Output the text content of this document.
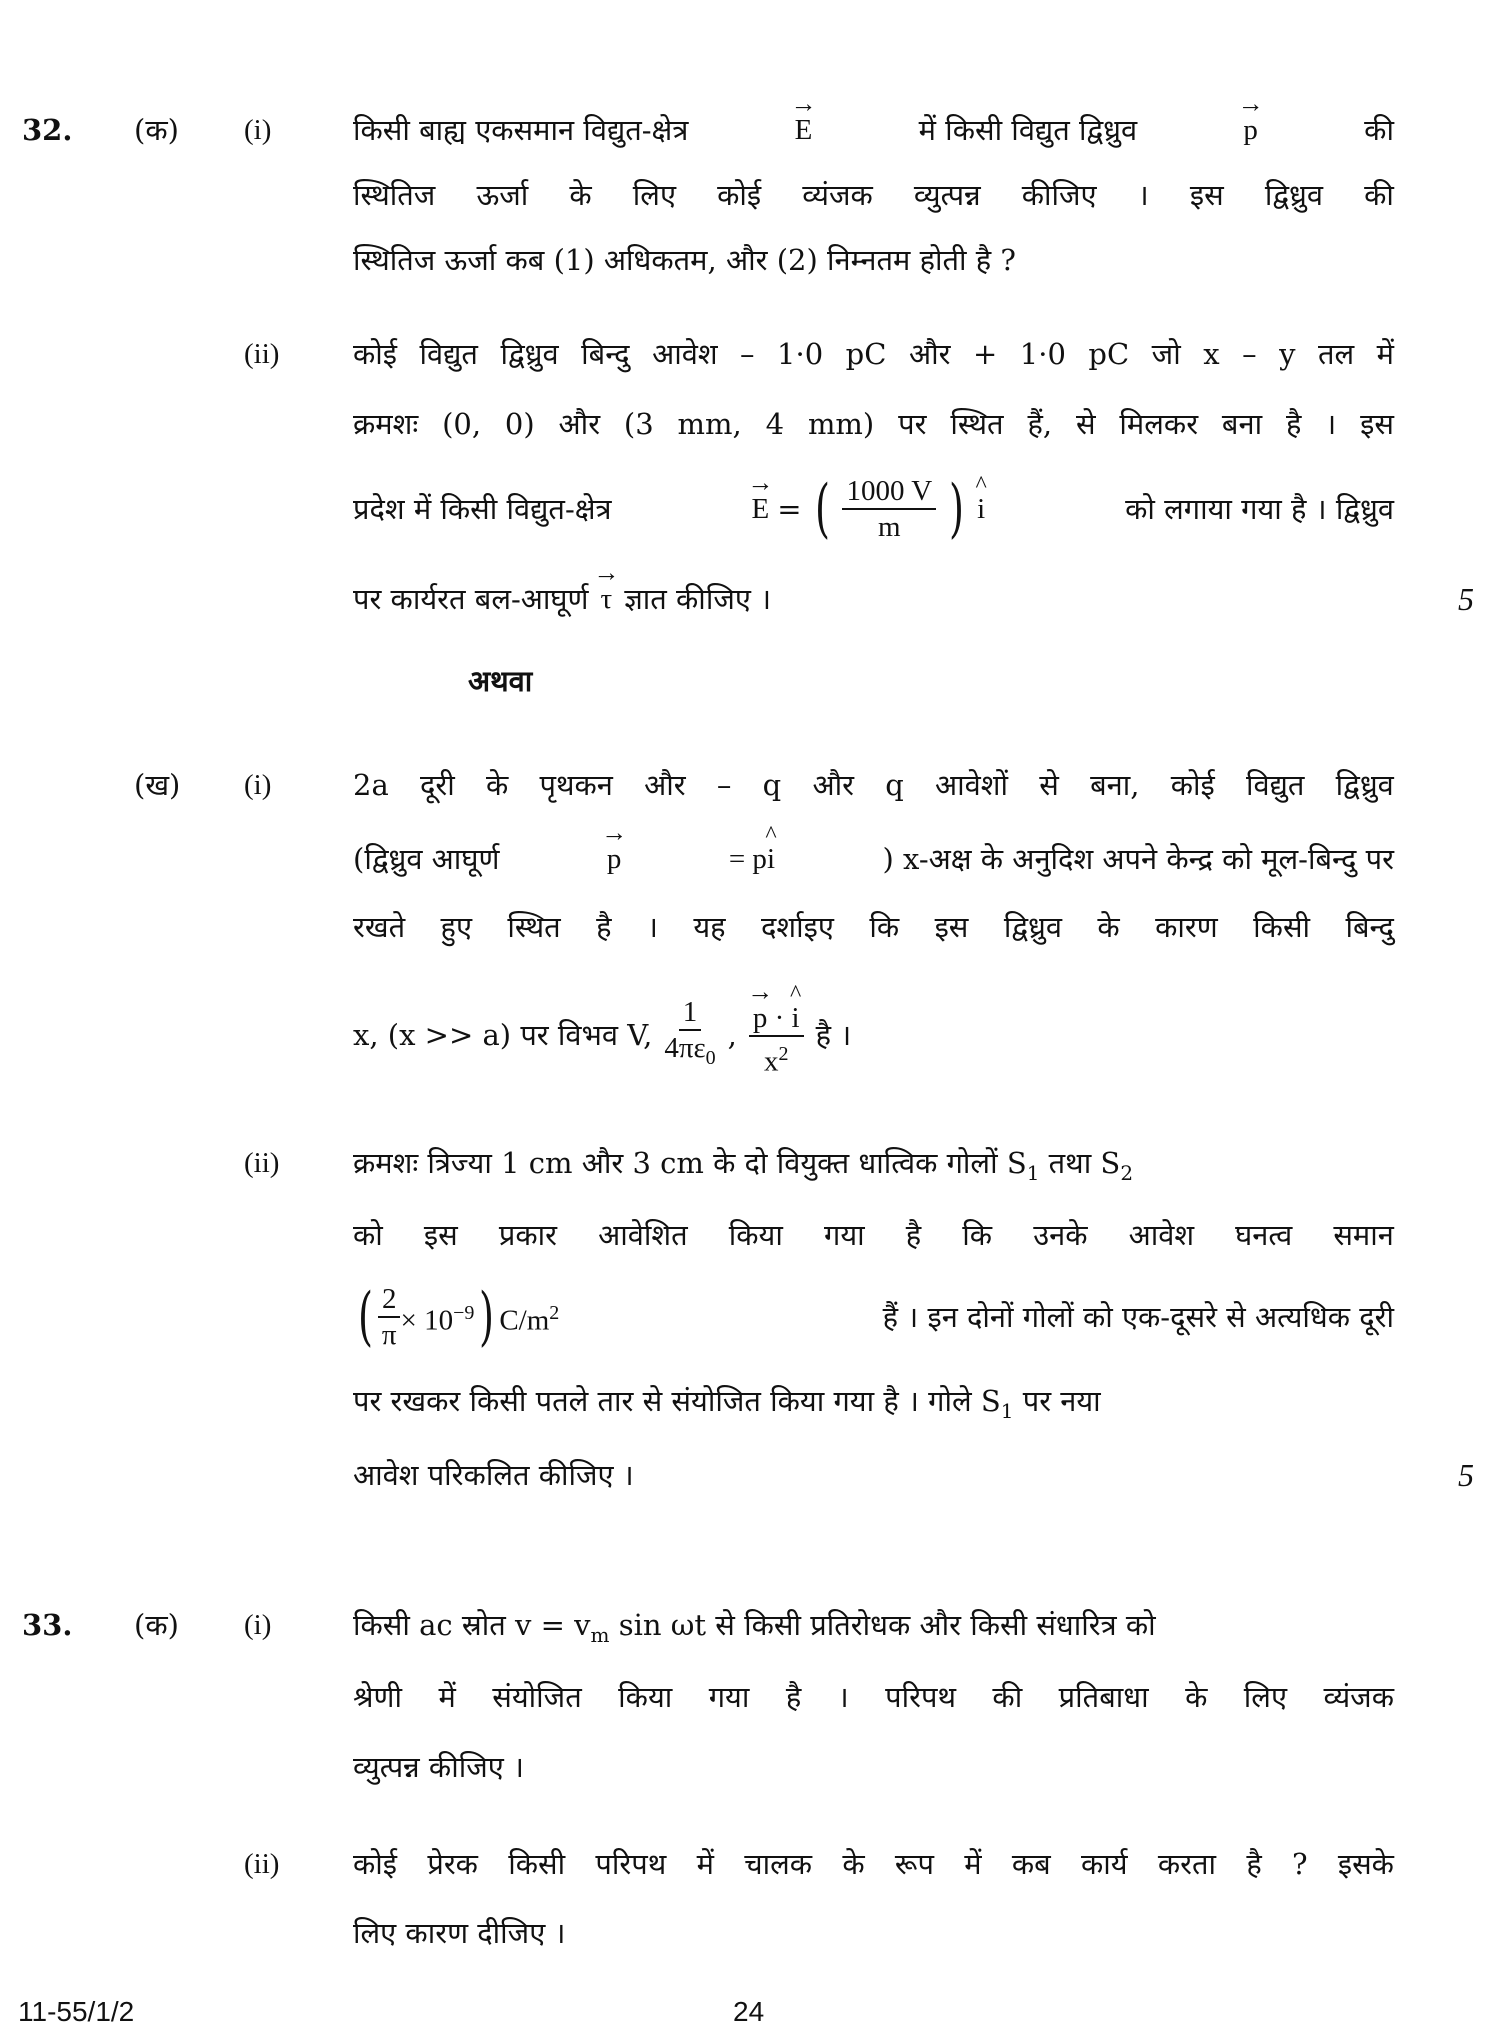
32. (क) (i)	किसी बाह्य एकसमान विद्युत-क्षेत्र	→ E	में किसी विद्युत द्विध्रुव	→ p	की
स्थितिज ऊर्जा के लिए कोई व्यंजक व्युत्पन्न कीजिए । इस द्विध्रुव की
स्थितिज ऊर्जा कब (1) अधिकतम, और (2) निम्नतम होती है ?
(ii)	कोई विद्युत द्विध्रुव बिन्दु आवेश – 1·0 pC और + 1·0 pC जो x – y तल में
क्रमशः (0, 0) और (3 mm, 4 mm) पर स्थित हैं, से मिलकर बना है । इस
प्रदेश में किसी विद्युत-क्षेत्र	→ E = ( $\frac{1000 V}{m}$ ) ^ i	को लगाया गया है । द्विध्रुव
पर कार्यरत बल-आघूर्ण → τ ज्ञात कीजिए ।	5
अथवा
(ख) (i)	2a दूरी के पृथकन और – q और q आवेशों से बना, कोई विद्युत द्विध्रुव
(द्विध्रुव आघूर्ण	→ p	= p^ i	) x-अक्ष के अनुदिश अपने केन्द्र को मूल-बिन्दु पर
रखते हुए स्थित है । यह दर्शाइए कि इस द्विध्रुव के कारण किसी बिन्दु
x, (x >> a) पर विभव V, $\frac{1}{4\pi\varepsilon_0}$ , → $\frac{p \cdot \^{} i}{x^2}$ है ।
(ii)	क्रमशः त्रिज्या 1 cm और 3 cm के दो वियुक्त धात्विक गोलों $S_1$ तथा $S_2$
को इस प्रकार आवेशित किया गया है कि उनके आवेश घनत्व समान
( $\frac{2}{\pi} \times 10^{-9}$ ) $C/m^2$	हैं । इन दोनों गोलों को एक-दूसरे से अत्यधिक दूरी
पर रखकर किसी पतले तार से संयोजित किया गया है । गोले $S_1$ पर नया
आवेश परिकलित कीजिए ।	5
33. (क) (i)	किसी ac स्रोत $v = v_m$ sin ωt से किसी प्रतिरोधक और किसी संधारित्र को
श्रेणी में संयोजित किया गया है । परिपथ की प्रतिबाधा के लिए व्यंजक
व्युत्पन्न कीजिए ।
(ii)	कोई प्रेरक किसी परिपथ में चालक के रूप में कब कार्य करता है ? इसके
लिए कारण दीजिए ।
11-55/1/2	24
